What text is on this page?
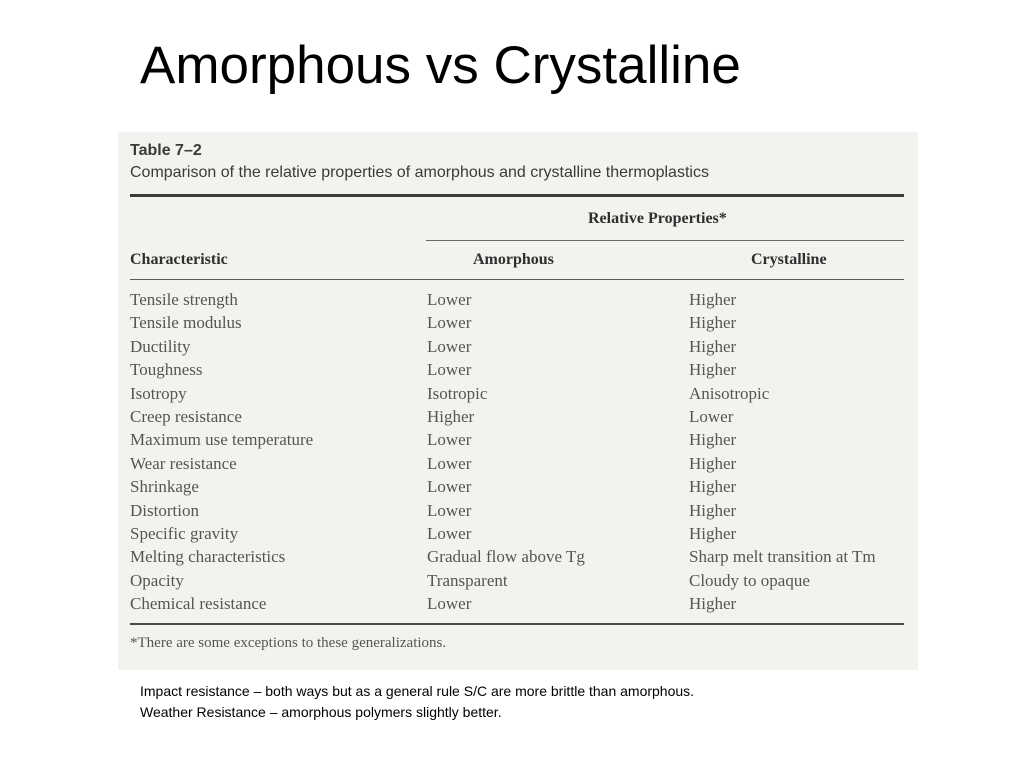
Amorphous vs Crystalline
Table 7–2
Comparison of the relative properties of amorphous and crystalline thermoplastics
Relative Properties*
Characteristic	Amorphous	Crystalline
Tensile strength	Lower	Higher
Tensile modulus	Lower	Higher
Ductility	Lower	Higher
Toughness	Lower	Higher
Isotropy	Isotropic	Anisotropic
Creep resistance	Higher	Lower
Maximum use temperature	Lower	Higher
Wear resistance	Lower	Higher
Shrinkage	Lower	Higher
Distortion	Lower	Higher
Specific gravity	Lower	Higher
Melting characteristics	Gradual flow above Tg	Sharp melt transition at Tm
Opacity	Transparent	Cloudy to opaque
Chemical resistance	Lower	Higher
*There are some exceptions to these generalizations.
Impact resistance – both ways but as a general rule S/C are more brittle than amorphous.
Weather Resistance – amorphous polymers slightly better.
